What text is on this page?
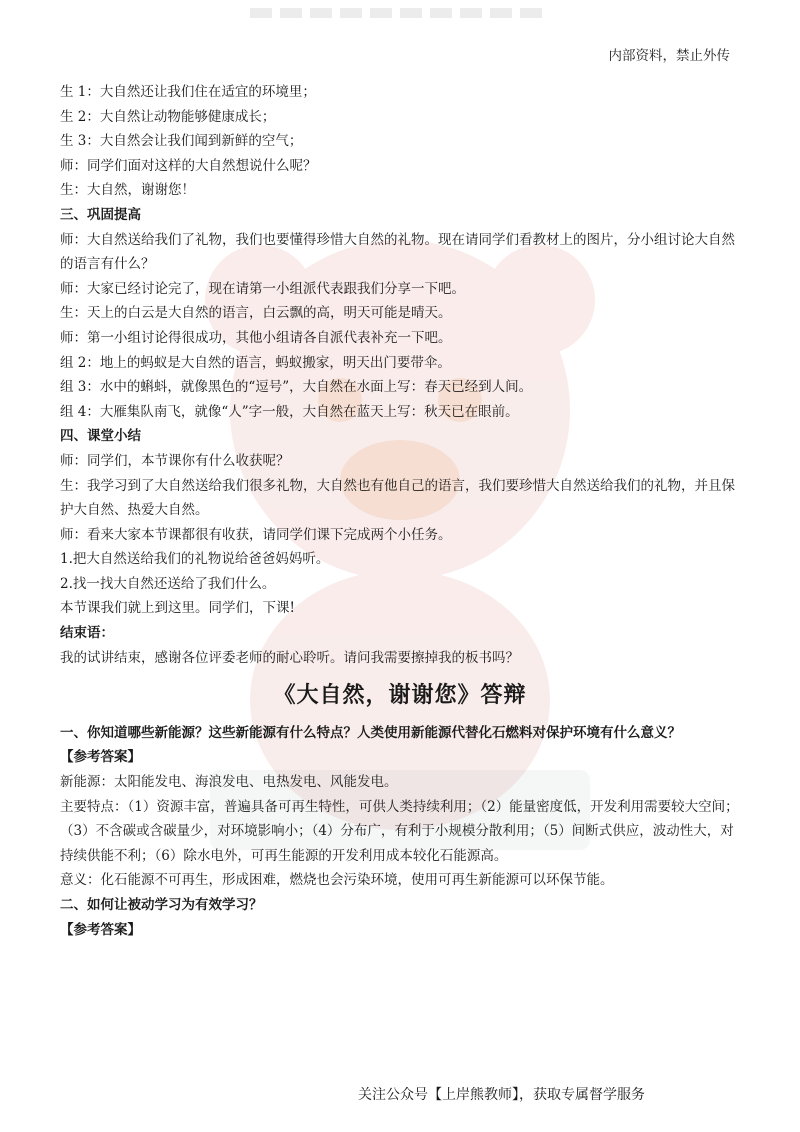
内部资料，禁止外传

生 1：大自然还让我们住在适宜的环境里；

生 2：大自然让动物能够健康成长；

生 3：大自然会让我们闻到新鲜的空气；

师：同学们面对这样的大自然想说什么呢？

生：大自然，谢谢您！

三、巩固提高

师：大自然送给我们了礼物，我们也要懂得珍惜大自然的礼物。现在请同学们看教材上的图片，分小组讨论大自然的语言有什么？

师：大家已经讨论完了，现在请第一小组派代表跟我们分享一下吧。

生：天上的白云是大自然的语言，白云飘的高，明天可能是晴天。

师：第一小组讨论得很成功，其他小组请各自派代表补充一下吧。

组 2：地上的蚂蚁是大自然的语言，蚂蚁搬家，明天出门要带伞。

组 3：水中的蝌蚪，就像黑色的“逗号”，大自然在水面上写：春天已经到人间。

组 4：大雁集队南飞，就像“人”字一般，大自然在蓝天上写：秋天已在眼前。

四、课堂小结

师：同学们，本节课你有什么收获呢？

生：我学习到了大自然送给我们很多礼物，大自然也有他自己的语言，我们要珍惜大自然送给我们的礼物，并且保护大自然、热爱大自然。

师：看来大家本节课都很有收获，请同学们课下完成两个小任务。

1.把大自然送给我们的礼物说给爸爸妈妈听。

2.找一找大自然还送给了我们什么。

本节课我们就上到这里。同学们，下课!

结束语：

我的试讲结束，感谢各位评委老师的耐心聆听。请问我需要擦掉我的板书吗？

《大自然，谢谢您》答辩

一、你知道哪些新能源？这些新能源有什么特点？人类使用新能源代替化石燃料对保护环境有什么意义？

【参考答案】

新能源：太阳能发电、海浪发电、电热发电、风能发电。

主要特点：（1）资源丰富，普遍具备可再生特性，可供人类持续利用；（2）能量密度低，开发利用需要较大空间；（3）不含碳或含碳量少，对环境影响小；（4）分布广，有利于小规模分散利用；（5）间断式供应，波动性大，对持续供能不利；（6）除水电外，可再生能源的开发利用成本较化石能源高。

意义：化石能源不可再生，形成困难，燃烧也会污染环境，使用可再生新能源可以环保节能。

二、如何让被动学习为有效学习？

【参考答案】

关注公众号【上岸熊教师】，获取专属督学服务
